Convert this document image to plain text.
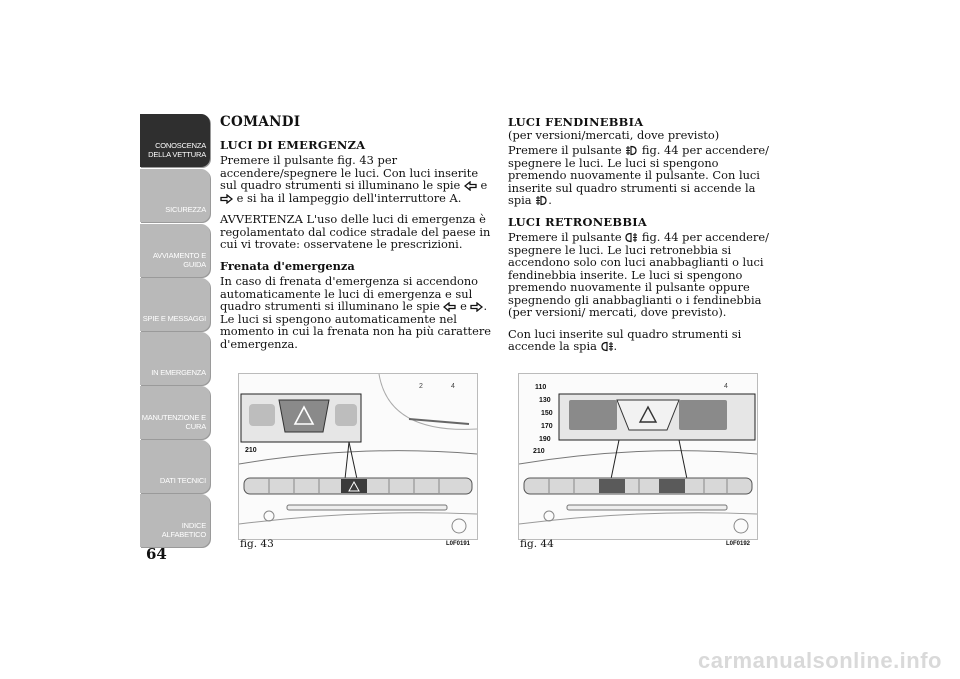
CONOSCENZA
DELLA VETTURA
SICUREZZA
AVVIAMENTO E
GUIDA
SPIE E MESSAGGI
IN EMERGENZA
MANUTENZIONE E
CURA
DATI TECNICI
INDICE
ALFABETICO
64
COMANDI

LUCI DI EMERGENZA

Premere il pulsante fig. 43 per accendere/spegnere le luci. Con luci inserite sul quadro strumenti si illuminano le spie e  e si ha il lampeggio dell'interruttore A.

AVVERTENZA L'uso delle luci di emergenza è regolamentato dal codice stradale del paese in cui vi trovate: osservatene le prescrizioni.

Frenata d'emergenza

In caso di frenata d'emergenza si accendono automaticamente le luci di emergenza e sul quadro strumenti si illuminano le spie e . Le luci si spengono automaticamente nel momento in cui la frenata non ha più carattere d'emergenza.

LUCI FENDINEBBIA

(per versioni/mercati, dove previsto)

Premere il pulsante fig. 44 per accendere/ spegnere le luci. Le luci si spengono premendo nuovamente il pulsante. Con luci inserite sul quadro strumenti si accende la spia .

LUCI RETRONEBBIA

Premere il pulsante fig. 44 per accendere/ spegnere le luci. Le luci retronebbia si accendono solo con luci anabbaglianti o luci fendinebbia inserite. Le luci si spengono premendo nuovamente il pulsante oppure spegnendo gli anabbaglianti o i fendinebbia (per versioni/ mercati, dove previsto).

Con luci inserite sul quadro strumenti si accende la spia .

2	4
210
fig. 43	L0F0191
4
110
130
150
170
190
210
fig. 44	L0F0192
carmanualsonline.info
